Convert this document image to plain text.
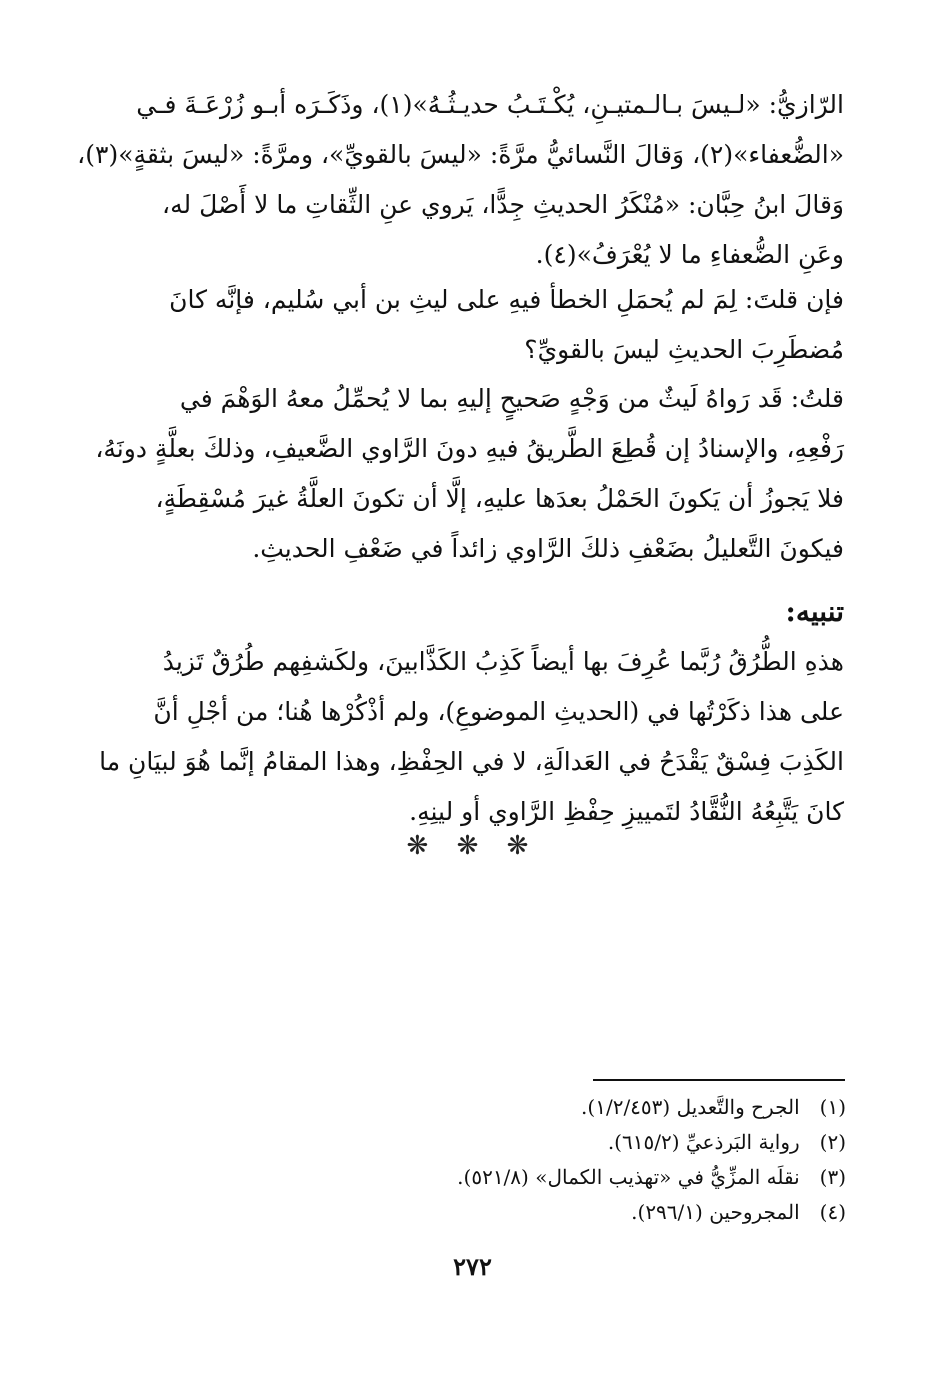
الرّازيُّ: «لـيسَ بـالـمتيـنِ، يُكْـتَـبُ حديـثُـهُ»(١)، وذَكَـرَه أبـو زُرْعَـةَ فـي
«الضُّعفاء»(٢)، وَقالَ النَّسائيُّ مرَّةً: «ليسَ بالقويِّ»، ومرَّةً: «ليسَ بثقةٍ»(٣)،
وَقالَ ابنُ حِبَّان: «مُنْكَرُ الحديثِ جِدًّا، يَروي عنِ الثِّقاتِ ما لا أَصْلَ له،
وعَنِ الضُّعفاءِ ما لا يُعْرَفُ»(٤).
فإن قلتَ: لِمَ لم يُحمَلِ الخطأ فيهِ على ليثِ بن أبي سُليم، فإنَّه كانَ
مُضطَرِبَ الحديثِ ليسَ بالقويِّ؟
قلتُ: قَد رَواهُ لَيثٌ من وَجْهٍ صَحيحٍ إليهِ بما لا يُحمِّلُ معهُ الوَهْمَ في
رَفْعِهِ، والإسنادُ إن قُطِعَ الطَّريقُ فيهِ دونَ الرَّاوي الضَّعيفِ، وذلكَ بعلَّةٍ دونَهُ،
فلا يَجوزُ أن يَكونَ الحَمْلُ بعدَها عليهِ، إلَّا أن تكونَ العلَّةُ غيرَ مُسْقِطَةٍ،
فيكونَ التَّعليلُ بضَعْفِ ذلكَ الرَّاوي زائداً في ضَعْفِ الحديثِ.
تنبيه:
هذهِ الطُّرُقُ رُبَّما عُرِفَ بها أيضاً كَذِبُ الكَذَّابينَ، ولكَشفِهم طُرُقٌ تَزيدُ
على هذا ذكَرْتُها في (الحديثِ الموضوعِ)، ولم أذْكُرْها هُنا؛ من أجْلِ أنَّ
الكَذِبَ فِسْقٌ يَقْدَحُ في العَدالَةِ، لا في الحِفْظِ، وهذا المقامُ إنَّما هُوَ لبيَانِ ما
كانَ يَتَّبِعُهُ النُّقَّادُ لتَمييزِ حِفْظِ الرَّاوي أو لينِهِ.
❋ ❋ ❋
(١) الجرح والتَّعديل (١/٢/٤٥٣).
(٢) رواية البَرذعيِّ (٦١٥/٢).
(٣) نقلَه المزِّيُّ في «تهذيب الكمال» (٥٢١/٨).
(٤) المجروحين (٢٩٦/١).
٢٧٢
